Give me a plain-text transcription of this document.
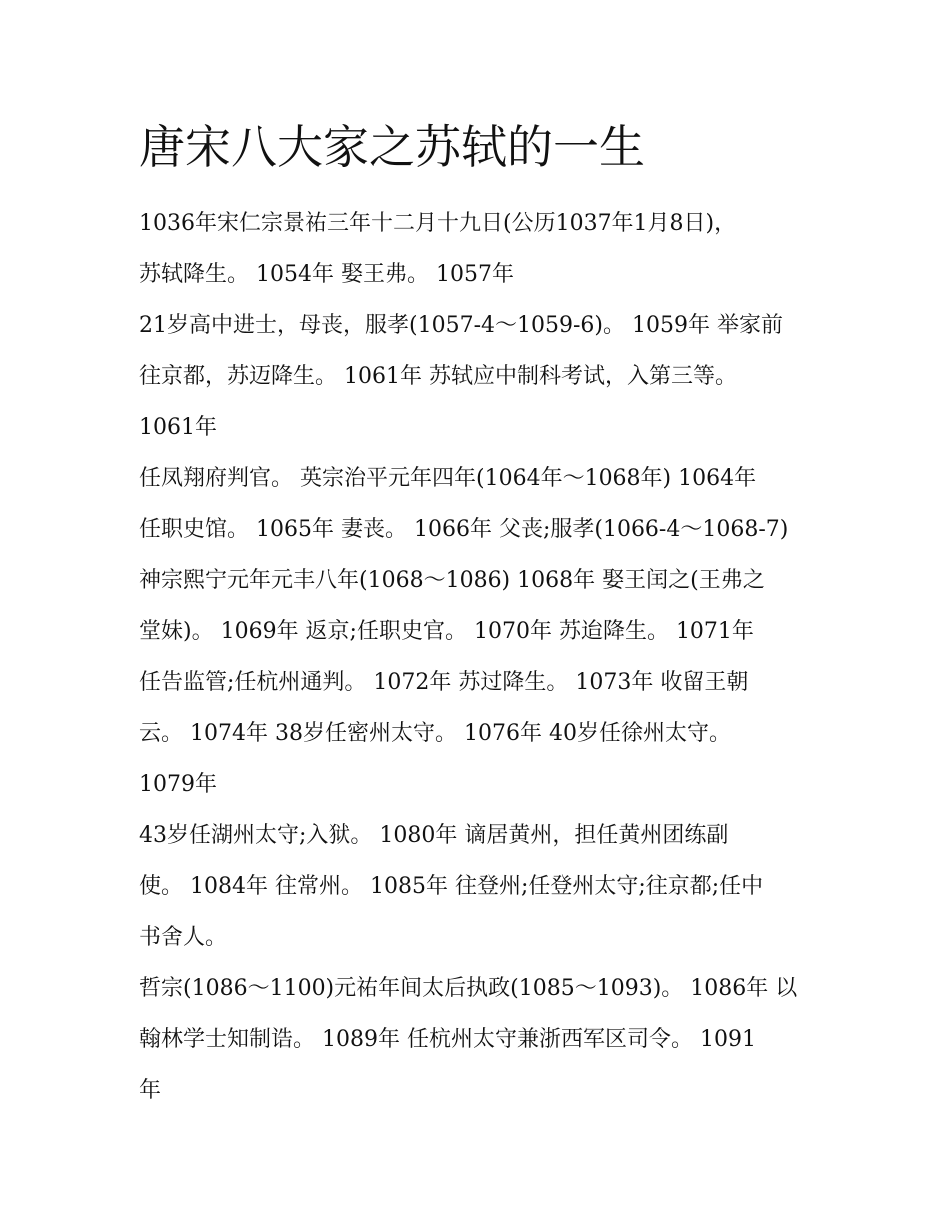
唐宋八大家之苏轼的一生

1036年宋仁宗景祐三年十二月十九日(公历1037年1月8日)，

苏轼降生。 1054年 娶王弗。 1057年

21岁高中进士，母丧，服孝(1057-4～1059-6)。 1059年 举家前

往京都，苏迈降生。 1061年 苏轼应中制科考试，入第三等。

1061年

任凤翔府判官。 英宗治平元年四年(1064年～1068年) 1064年

任职史馆。 1065年 妻丧。 1066年 父丧;服孝(1066-4～1068-7)

神宗熙宁元年元丰八年(1068～1086) 1068年 娶王闰之(王弗之

堂妹)。 1069年 返京;任职史官。 1070年 苏迨降生。 1071年

任告监管;任杭州通判。 1072年 苏过降生。 1073年 收留王朝

云。 1074年 38岁任密州太守。 1076年 40岁任徐州太守。

1079年

43岁任湖州太守;入狱。 1080年 谪居黄州，担任黄州团练副

使。 1084年 往常州。 1085年 往登州;任登州太守;往京都;任中

书舍人。

哲宗(1086～1100)元祐年间太后执政(1085～1093)。 1086年 以

翰林学士知制诰。 1089年 任杭州太守兼浙西军区司令。 1091

年
